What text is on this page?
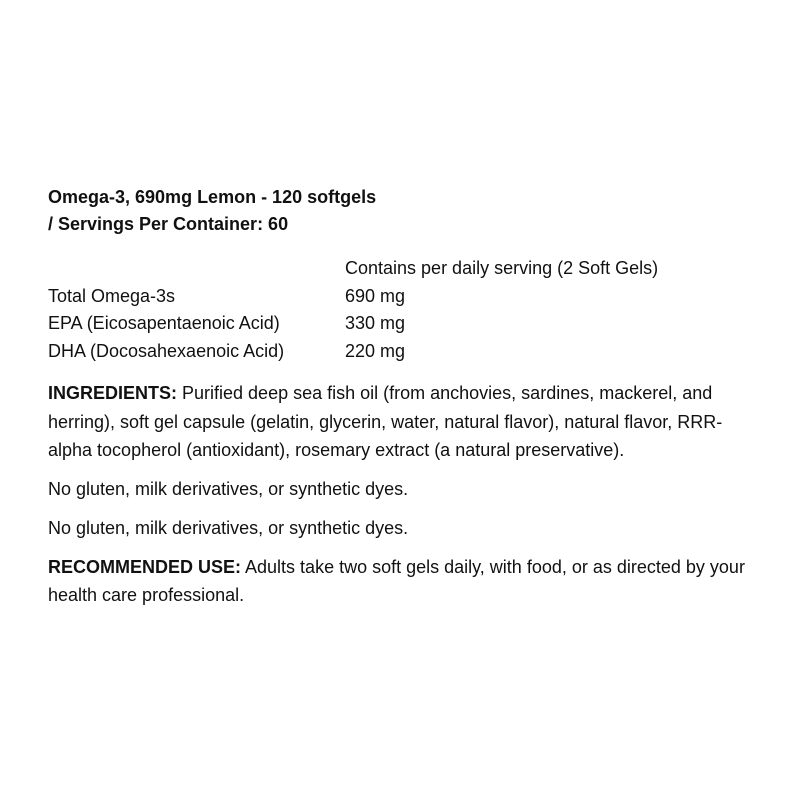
Omega-3, 690mg Lemon - 120 softgels
/ Servings Per Container: 60
Contains per daily serving (2 Soft Gels)
Total Omega-3s	690 mg
EPA (Eicosapentaenoic Acid)	330 mg
DHA (Docosahexaenoic Acid)	220 mg

INGREDIENTS: Purified deep sea fish oil (from anchovies, sardines, mackerel, and herring), soft gel capsule (gelatin, glycerin, water, natural flavor), natural flavor, RRR-alpha tocopherol (antioxidant), rosemary extract (a natural preservative).

No gluten, milk derivatives, or synthetic dyes.

No gluten, milk derivatives, or synthetic dyes.

RECOMMENDED USE: Adults take two soft gels daily, with food, or as directed by your health care professional.
